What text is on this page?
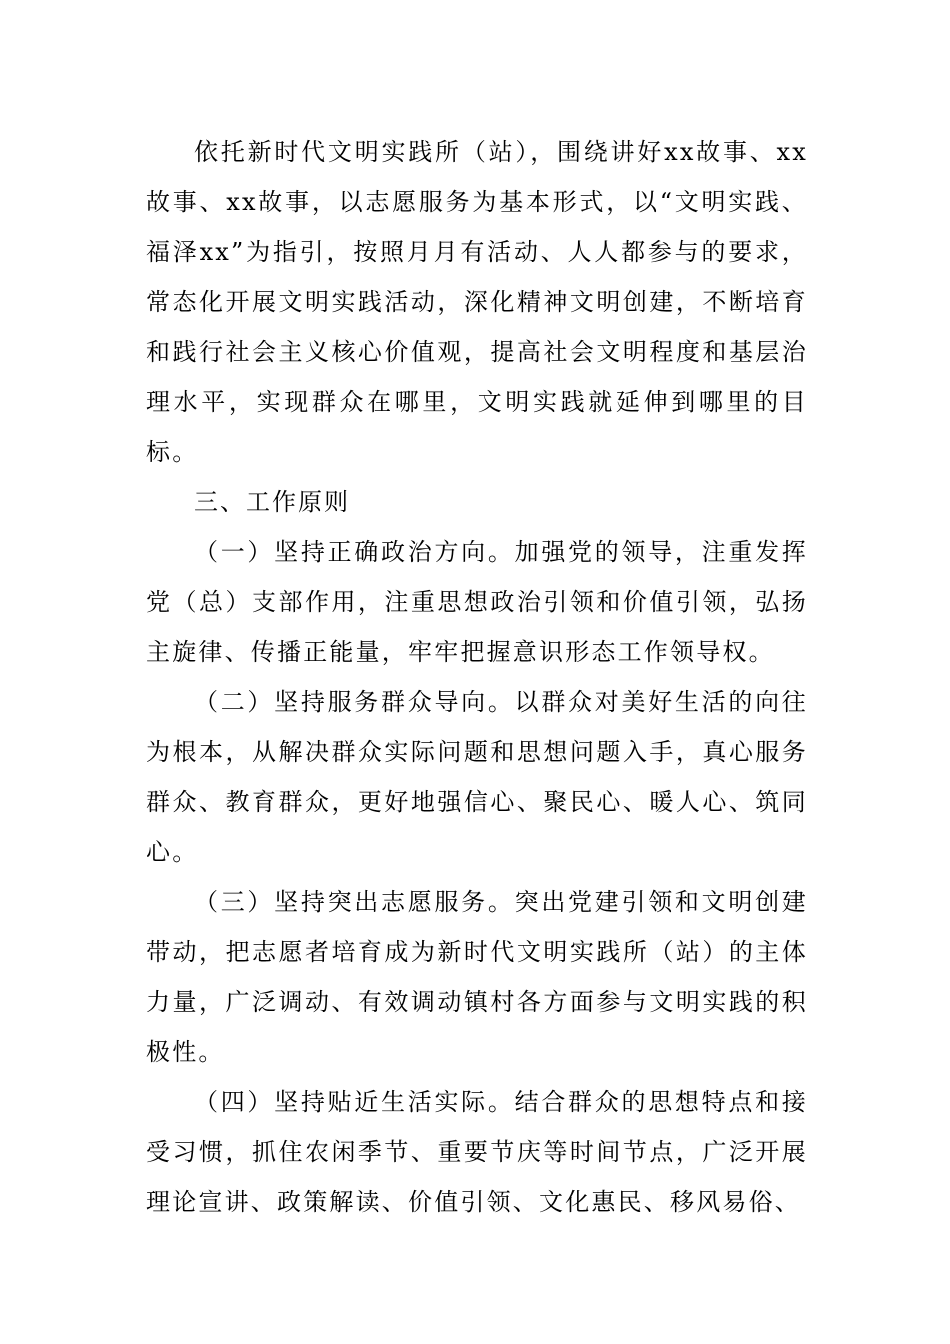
依托新时代文明实践所（站），围绕讲好xx故事、xx故事、xx故事，以志愿服务为基本形式，以“文明实践、福泽xx”为指引，按照月月有活动、人人都参与的要求，常态化开展文明实践活动，深化精神文明创建，不断培育和践行社会主义核心价值观，提高社会文明程度和基层治理水平，实现群众在哪里，文明实践就延伸到哪里的目标。

三、工作原则

（一）坚持正确政治方向。加强党的领导，注重发挥党（总）支部作用，注重思想政治引领和价值引领，弘扬主旋律、传播正能量，牢牢把握意识形态工作领导权。

（二）坚持服务群众导向。以群众对美好生活的向往为根本，从解决群众实际问题和思想问题入手，真心服务群众、教育群众，更好地强信心、聚民心、暖人心、筑同心。

（三）坚持突出志愿服务。突出党建引领和文明创建带动，把志愿者培育成为新时代文明实践所（站）的主体力量，广泛调动、有效调动镇村各方面参与文明实践的积极性。

（四）坚持贴近生活实际。结合群众的思想特点和接受习惯，抓住农闲季节、重要节庆等时间节点，广泛开展理论宣讲、政策解读、价值引领、文化惠民、移风易俗、
